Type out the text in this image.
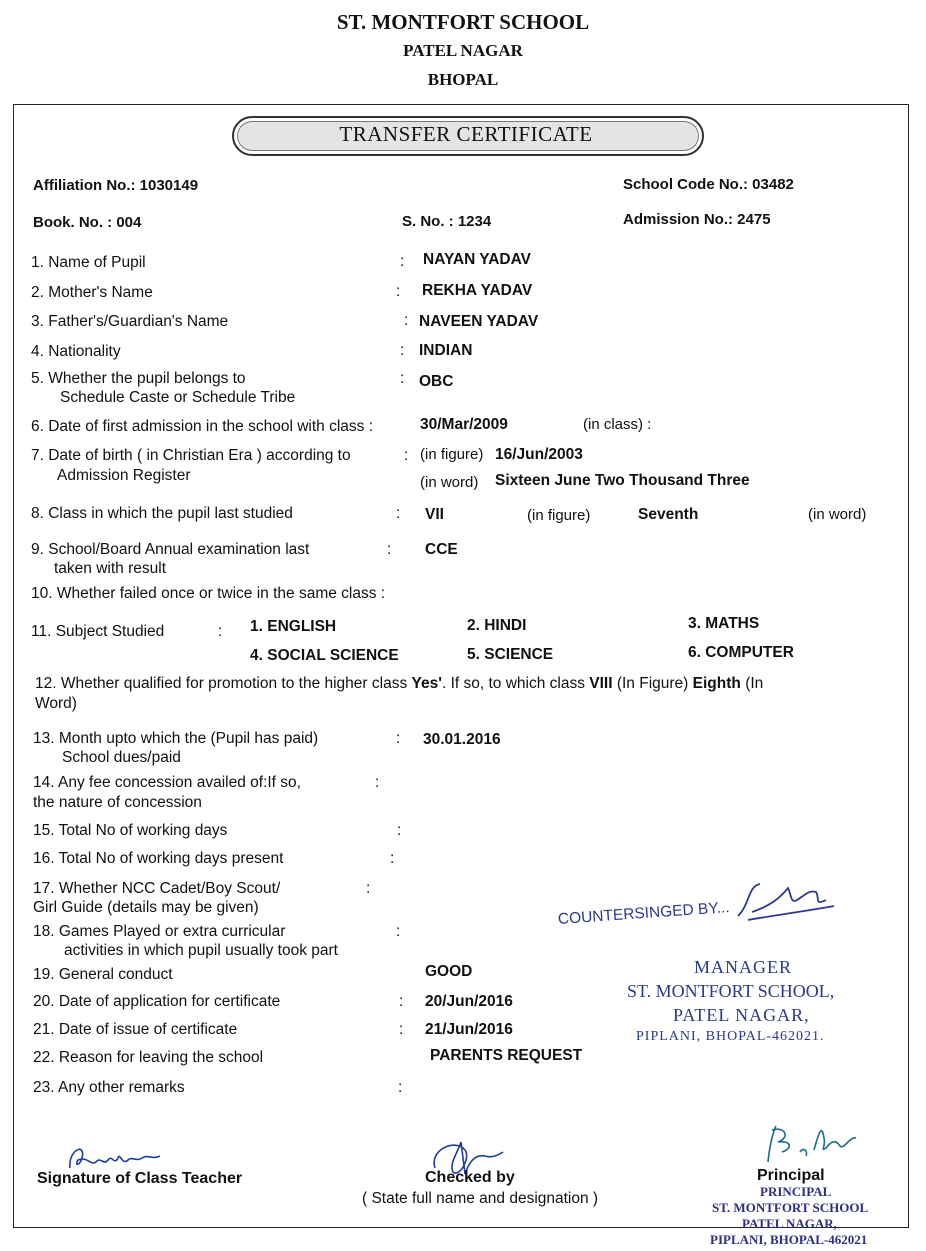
ST. MONTFORT SCHOOL
PATEL NAGAR
BHOPAL
TRANSFER CERTIFICATE
Affiliation No.: 1030149	School Code No.: 03482
Book. No. : 004	S. No. : 1234	Admission No.: 2475
1. Name of Pupil	: NAYAN YADAV
2. Mother's Name	: REKHA YADAV
3. Father's/Guardian's Name	: NAVEEN YADAV
4. Nationality	: INDIAN
5. Whether the pupil belongs to
Schedule Caste or Schedule Tribe
: OBC
6. Date of first admission in the school with class :	30/Mar/2009	(in class) :
7. Date of birth ( in Christian Era ) according to
Admission Register
: (in figure) 16/Jun/2003
(in word) Sixteen June Two Thousand Three
8. Class in which the pupil last studied	: VII	(in figure)	Seventh	(in word)
9. School/Board Annual examination last
taken with result
: CCE
10. Whether failed once or twice in the same class :
11. Subject Studied	: 1. ENGLISH	2. HINDI	3. MATHS
4. SOCIAL SCIENCE	5. SCIENCE	6. COMPUTER
12. Whether qualified for promotion to the higher class Yes'. If so, to which class VIII (In Figure) Eighth (In
Word)
13. Month upto which the (Pupil has paid)
School dues/paid
: 30.01.2016
14. Any fee concession availed of:If so,
the nature of concession
:
15. Total No of working days	:
16. Total No of working days present	:
17. Whether NCC Cadet/Boy Scout/
Girl Guide (details may be given)
:
18. Games Played or extra curricular
activities in which pupil usually took part
:
19. General conduct	GOOD
20. Date of application for certificate	: 20/Jun/2016
21. Date of issue of certificate	: 21/Jun/2016
22. Reason for leaving the school	PARENTS REQUEST
23. Any other remarks	:
COUNTERSINGED BY...
MANAGER
ST. MONTFORT SCHOOL,
PATEL NAGAR,
PIPLANI, BHOPAL-462021.
Signature of Class Teacher	Checked by
( State full name and designation )
Principal
PRINCIPAL
ST. MONTFORT SCHOOL
PATEL NAGAR,
PIPLANI, BHOPAL-462021
